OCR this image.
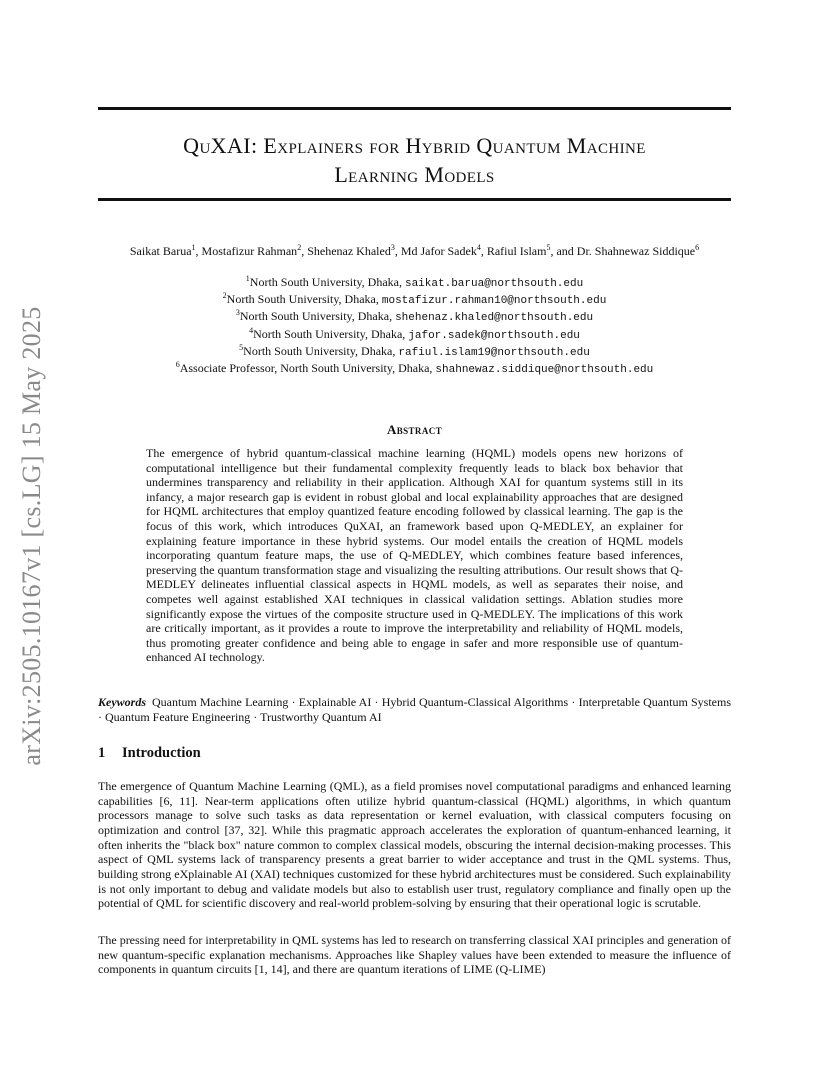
arXiv:2505.10167v1 [cs.LG] 15 May 2025
QuXAI: Explainers for Hybrid Quantum Machine
Learning Models
Saikat Barua$^1$, Mostafizur Rahman$^2$, Shehenaz Khaled$^3$, Md Jafor Sadek$^4$, Rafiul Islam$^5$, and Dr. Shahnewaz Siddique$^6$
$^1$North South University, Dhaka, saikat.barua@northsouth.edu
$^2$North South University, Dhaka, mostafizur.rahman10@northsouth.edu
$^3$North South University, Dhaka, shehenaz.khaled@northsouth.edu
$^4$North South University, Dhaka, jafor.sadek@northsouth.edu
$^5$North South University, Dhaka, rafiul.islam19@northsouth.edu
$^6$Associate Professor, North South University, Dhaka, shahnewaz.siddique@northsouth.edu
Abstract
The emergence of hybrid quantum-classical machine learning (HQML) models opens new horizons of computational intelligence but their fundamental complexity frequently leads to black box behavior that undermines transparency and reliability in their application. Although XAI for quantum systems still in its infancy, a major research gap is evident in robust global and local explainability approaches that are designed for HQML architectures that employ quantized feature encoding followed by classical learning. The gap is the focus of this work, which introduces QuXAI, an framework based upon Q-MEDLEY, an explainer for explaining feature importance in these hybrid systems. Our model entails the creation of HQML models incorporating quantum feature maps, the use of Q-MEDLEY, which combines feature based inferences, preserving the quantum transformation stage and visualizing the resulting attributions. Our result shows that Q-MEDLEY delineates influential classical aspects in HQML models, as well as separates their noise, and competes well against established XAI techniques in classical validation settings. Ablation studies more significantly expose the virtues of the composite structure used in Q-MEDLEY. The implications of this work are critically important, as it provides a route to improve the interpretability and reliability of HQML models, thus promoting greater confidence and being able to engage in safer and more responsible use of quantum-enhanced AI technology.
Keywords Quantum Machine Learning · Explainable AI · Hybrid Quantum-Classical Algorithms · Interpretable Quantum Systems · Quantum Feature Engineering · Trustworthy Quantum AI
1 Introduction
The emergence of Quantum Machine Learning (QML), as a field promises novel computational paradigms and enhanced learning capabilities [6, 11]. Near-term applications often utilize hybrid quantum-classical (HQML) algorithms, in which quantum processors manage to solve such tasks as data representation or kernel evaluation, with classical computers focusing on optimization and control [37, 32]. While this pragmatic approach accelerates the exploration of quantum-enhanced learning, it often inherits the "black box" nature common to complex classical models, obscuring the internal decision-making processes. This aspect of QML systems lack of transparency presents a great barrier to wider acceptance and trust in the QML systems. Thus, building strong eXplainable AI (XAI) techniques customized for these hybrid architectures must be considered. Such explainability is not only important to debug and validate models but also to establish user trust, regulatory compliance and finally open up the potential of QML for scientific discovery and real-world problem-solving by ensuring that their operational logic is scrutable.
The pressing need for interpretability in QML systems has led to research on transferring classical XAI principles and generation of new quantum-specific explanation mechanisms. Approaches like Shapley values have been extended to measure the influence of components in quantum circuits [1, 14], and there are quantum iterations of LIME (Q-LIME)
